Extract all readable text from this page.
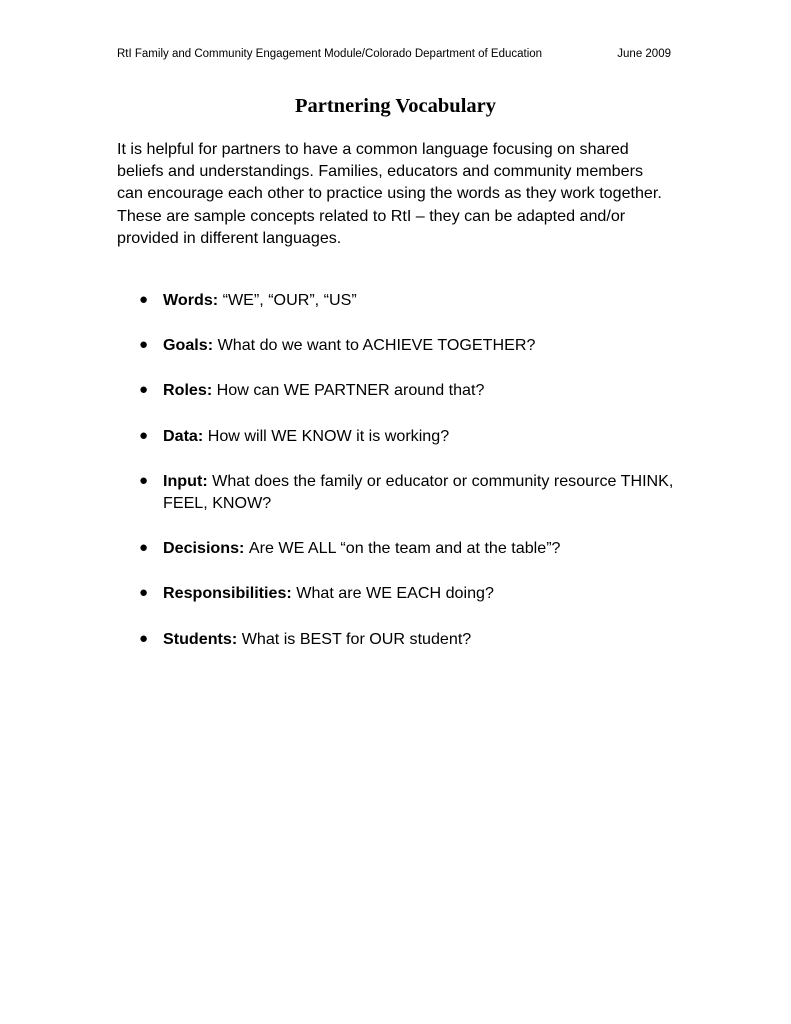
RtI Family and Community Engagement Module/Colorado Department of Education	June 2009
Partnering Vocabulary

It is helpful for partners to have a common language focusing on shared beliefs and understandings. Families, educators and community members can encourage each other to practice using the words as they work together. These are sample concepts related to RtI – they can be adapted and/or provided in different languages.

● Words: “WE”, “OUR”, “US”
● Goals: What do we want to ACHIEVE TOGETHER?
● Roles: How can WE PARTNER around that?
● Data: How will WE KNOW it is working?
● Input: What does the family or educator or community resource THINK, FEEL, KNOW?
● Decisions: Are WE ALL “on the team and at the table”?
● Responsibilities: What are WE EACH doing?
● Students: What is BEST for OUR student?
